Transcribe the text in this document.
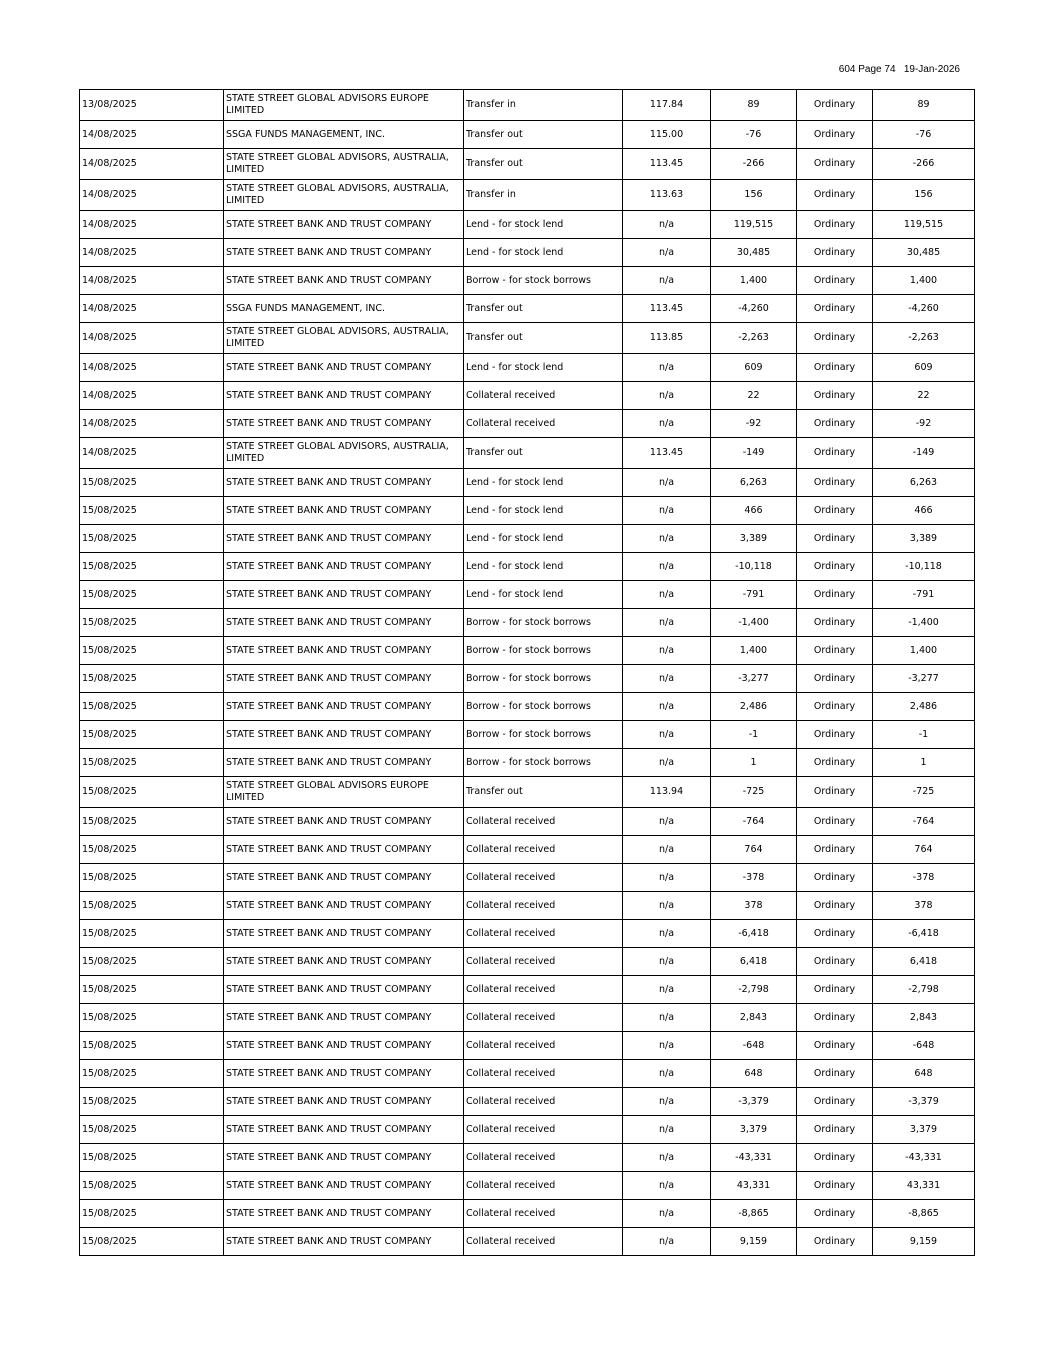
604 Page 74 19-Jan-2026
13/08/2025	STATE STREET GLOBAL ADVISORS EUROPE LIMITED	Transfer in	117.84	89	Ordinary	89
14/08/2025	SSGA FUNDS MANAGEMENT, INC.	Transfer out	115.00	-76	Ordinary	-76
14/08/2025	STATE STREET GLOBAL ADVISORS, AUSTRALIA, LIMITED	Transfer out	113.45	-266	Ordinary	-266
14/08/2025	STATE STREET GLOBAL ADVISORS, AUSTRALIA, LIMITED	Transfer in	113.63	156	Ordinary	156
14/08/2025	STATE STREET BANK AND TRUST COMPANY	Lend - for stock lend	n/a	119,515	Ordinary	119,515
14/08/2025	STATE STREET BANK AND TRUST COMPANY	Lend - for stock lend	n/a	30,485	Ordinary	30,485
14/08/2025	STATE STREET BANK AND TRUST COMPANY	Borrow - for stock borrows	n/a	1,400	Ordinary	1,400
14/08/2025	SSGA FUNDS MANAGEMENT, INC.	Transfer out	113.45	-4,260	Ordinary	-4,260
14/08/2025	STATE STREET GLOBAL ADVISORS, AUSTRALIA, LIMITED	Transfer out	113.85	-2,263	Ordinary	-2,263
14/08/2025	STATE STREET BANK AND TRUST COMPANY	Lend - for stock lend	n/a	609	Ordinary	609
14/08/2025	STATE STREET BANK AND TRUST COMPANY	Collateral received	n/a	22	Ordinary	22
14/08/2025	STATE STREET BANK AND TRUST COMPANY	Collateral received	n/a	-92	Ordinary	-92
14/08/2025	STATE STREET GLOBAL ADVISORS, AUSTRALIA, LIMITED	Transfer out	113.45	-149	Ordinary	-149
15/08/2025	STATE STREET BANK AND TRUST COMPANY	Lend - for stock lend	n/a	6,263	Ordinary	6,263
15/08/2025	STATE STREET BANK AND TRUST COMPANY	Lend - for stock lend	n/a	466	Ordinary	466
15/08/2025	STATE STREET BANK AND TRUST COMPANY	Lend - for stock lend	n/a	3,389	Ordinary	3,389
15/08/2025	STATE STREET BANK AND TRUST COMPANY	Lend - for stock lend	n/a	-10,118	Ordinary	-10,118
15/08/2025	STATE STREET BANK AND TRUST COMPANY	Lend - for stock lend	n/a	-791	Ordinary	-791
15/08/2025	STATE STREET BANK AND TRUST COMPANY	Borrow - for stock borrows	n/a	-1,400	Ordinary	-1,400
15/08/2025	STATE STREET BANK AND TRUST COMPANY	Borrow - for stock borrows	n/a	1,400	Ordinary	1,400
15/08/2025	STATE STREET BANK AND TRUST COMPANY	Borrow - for stock borrows	n/a	-3,277	Ordinary	-3,277
15/08/2025	STATE STREET BANK AND TRUST COMPANY	Borrow - for stock borrows	n/a	2,486	Ordinary	2,486
15/08/2025	STATE STREET BANK AND TRUST COMPANY	Borrow - for stock borrows	n/a	-1	Ordinary	-1
15/08/2025	STATE STREET BANK AND TRUST COMPANY	Borrow - for stock borrows	n/a	1	Ordinary	1
15/08/2025	STATE STREET GLOBAL ADVISORS EUROPE LIMITED	Transfer out	113.94	-725	Ordinary	-725
15/08/2025	STATE STREET BANK AND TRUST COMPANY	Collateral received	n/a	-764	Ordinary	-764
15/08/2025	STATE STREET BANK AND TRUST COMPANY	Collateral received	n/a	764	Ordinary	764
15/08/2025	STATE STREET BANK AND TRUST COMPANY	Collateral received	n/a	-378	Ordinary	-378
15/08/2025	STATE STREET BANK AND TRUST COMPANY	Collateral received	n/a	378	Ordinary	378
15/08/2025	STATE STREET BANK AND TRUST COMPANY	Collateral received	n/a	-6,418	Ordinary	-6,418
15/08/2025	STATE STREET BANK AND TRUST COMPANY	Collateral received	n/a	6,418	Ordinary	6,418
15/08/2025	STATE STREET BANK AND TRUST COMPANY	Collateral received	n/a	-2,798	Ordinary	-2,798
15/08/2025	STATE STREET BANK AND TRUST COMPANY	Collateral received	n/a	2,843	Ordinary	2,843
15/08/2025	STATE STREET BANK AND TRUST COMPANY	Collateral received	n/a	-648	Ordinary	-648
15/08/2025	STATE STREET BANK AND TRUST COMPANY	Collateral received	n/a	648	Ordinary	648
15/08/2025	STATE STREET BANK AND TRUST COMPANY	Collateral received	n/a	-3,379	Ordinary	-3,379
15/08/2025	STATE STREET BANK AND TRUST COMPANY	Collateral received	n/a	3,379	Ordinary	3,379
15/08/2025	STATE STREET BANK AND TRUST COMPANY	Collateral received	n/a	-43,331	Ordinary	-43,331
15/08/2025	STATE STREET BANK AND TRUST COMPANY	Collateral received	n/a	43,331	Ordinary	43,331
15/08/2025	STATE STREET BANK AND TRUST COMPANY	Collateral received	n/a	-8,865	Ordinary	-8,865
15/08/2025	STATE STREET BANK AND TRUST COMPANY	Collateral received	n/a	9,159	Ordinary	9,159
